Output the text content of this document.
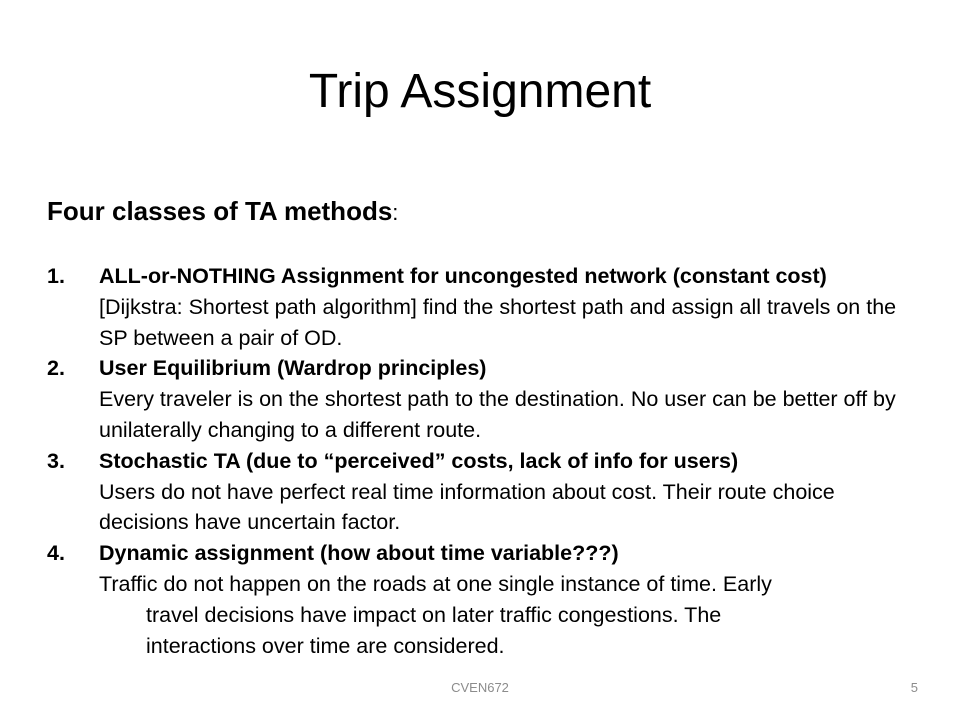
Trip Assignment
Four classes of TA methods:
1. ALL-or-NOTHING Assignment for uncongested network (constant cost)
[Dijkstra: Shortest path algorithm] find the shortest path and assign all travels on the SP between a pair of OD.
2. User Equilibrium (Wardrop principles)
Every traveler is on the shortest path to the destination. No user can be better off by unilaterally changing to a different route.
3. Stochastic TA (due to “perceived” costs, lack of info for users)
Users do not have perfect real time information about cost. Their route choice decisions have uncertain factor.
4. Dynamic assignment (how about time variable???)
Traffic do not happen on the roads at one single instance of time. Early
travel decisions have impact on later traffic congestions. The
interactions over time are considered.
CVEN672	5
